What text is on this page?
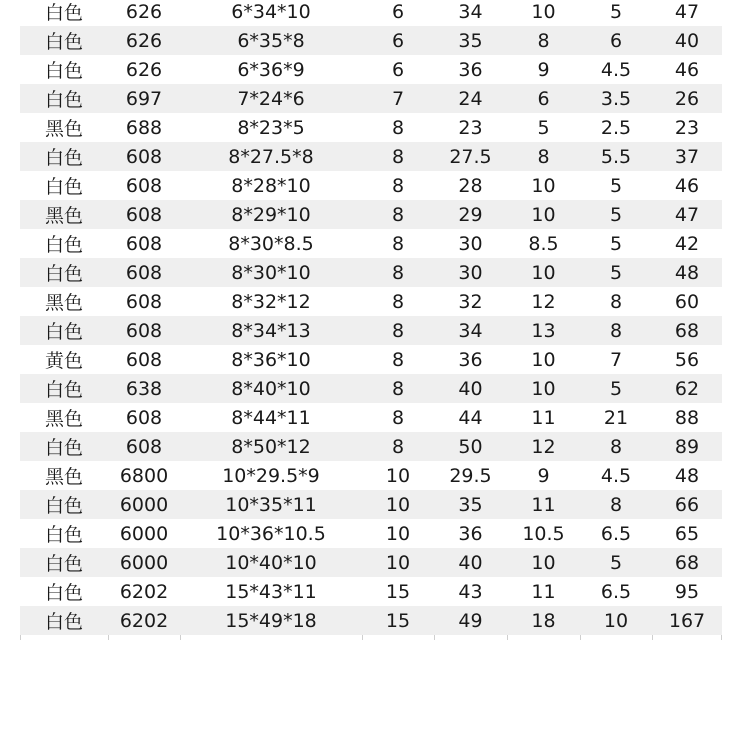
白色	626	6*34*10	6	34	10	5	47
白色	626	6*35*8	6	35	8	6	40
白色	626	6*36*9	6	36	9	4.5	46
白色	697	7*24*6	7	24	6	3.5	26
黑色	688	8*23*5	8	23	5	2.5	23
白色	608	8*27.5*8	8	27.5	8	5.5	37
白色	608	8*28*10	8	28	10	5	46
黑色	608	8*29*10	8	29	10	5	47
白色	608	8*30*8.5	8	30	8.5	5	42
白色	608	8*30*10	8	30	10	5	48
黑色	608	8*32*12	8	32	12	8	60
白色	608	8*34*13	8	34	13	8	68
黄色	608	8*36*10	8	36	10	7	56
白色	638	8*40*10	8	40	10	5	62
黑色	608	8*44*11	8	44	11	21	88
白色	608	8*50*12	8	50	12	8	89
黑色	6800	10*29.5*9	10	29.5	9	4.5	48
白色	6000	10*35*11	10	35	11	8	66
白色	6000	10*36*10.5	10	36	10.5	6.5	65
白色	6000	10*40*10	10	40	10	5	68
白色	6202	15*43*11	15	43	11	6.5	95
白色	6202	15*49*18	15	49	18	10	167
